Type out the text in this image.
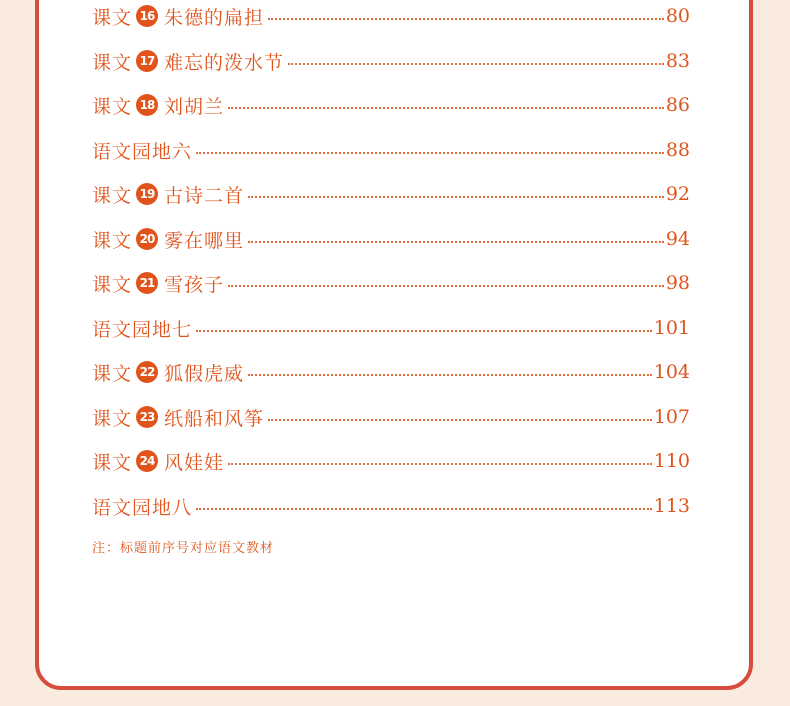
课文 16 朱德的扁担	80
课文 17 难忘的泼水节	83
课文 18 刘胡兰	86
语文园地六	88
课文 19 古诗二首	92
课文 20 雾在哪里	94
课文 21 雪孩子	98
语文园地七	101
课文 22 狐假虎威	104
课文 23 纸船和风筝	107
课文 24 风娃娃	110
语文园地八	113
注：标题前序号对应语文教材
